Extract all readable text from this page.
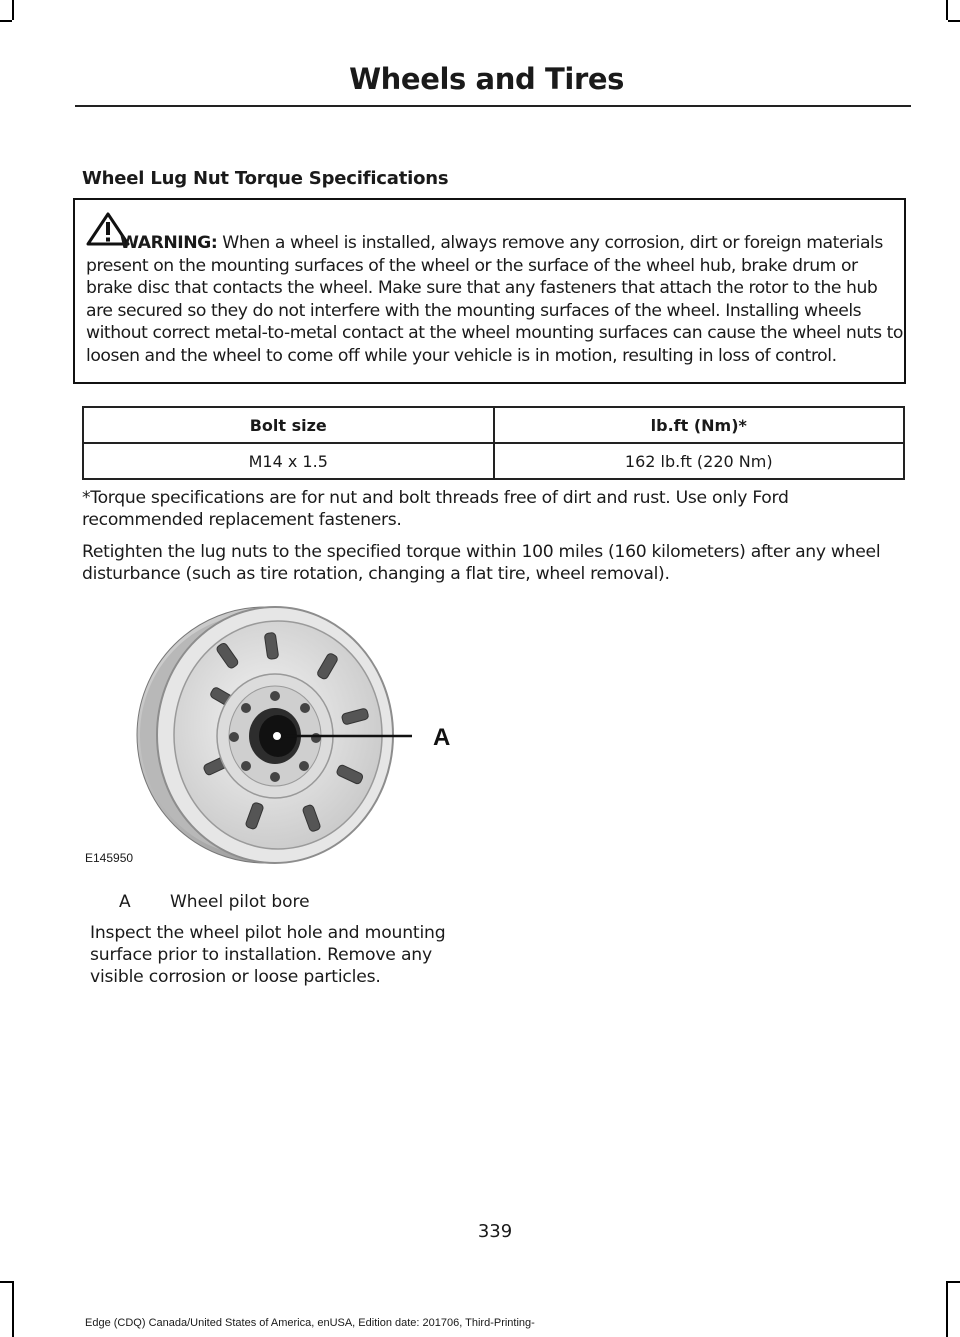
Wheels and Tires
Wheel Lug Nut Torque Specifications
WARNING: When a wheel is installed, always remove any corrosion, dirt or foreign materials present on the mounting surfaces of the wheel or the surface of the wheel hub, brake drum or brake disc that contacts the wheel. Make sure that any fasteners that attach the rotor to the hub are secured so they do not interfere with the mounting surfaces of the wheel. Installing wheels without correct metal-to-metal contact at the wheel mounting surfaces can cause the wheel nuts to loosen and the wheel to come off while your vehicle is in motion, resulting in loss of control.
Bolt size	lb.ft (Nm)*
M14 x 1.5	162 lb.ft (220 Nm)
*Torque specifications are for nut and bolt threads free of dirt and rust. Use only Ford recommended replacement fasteners.
Retighten the lug nuts to the specified torque within 100 miles (160 kilometers) after any wheel disturbance (such as tire rotation, changing a flat tire, wheel removal).
A
E145950
A Wheel pilot bore
Inspect the wheel pilot hole and mounting surface prior to installation. Remove any visible corrosion or loose particles.
339
Edge (CDQ) Canada/United States of America, enUSA, Edition date: 201706, Third-Printing-
